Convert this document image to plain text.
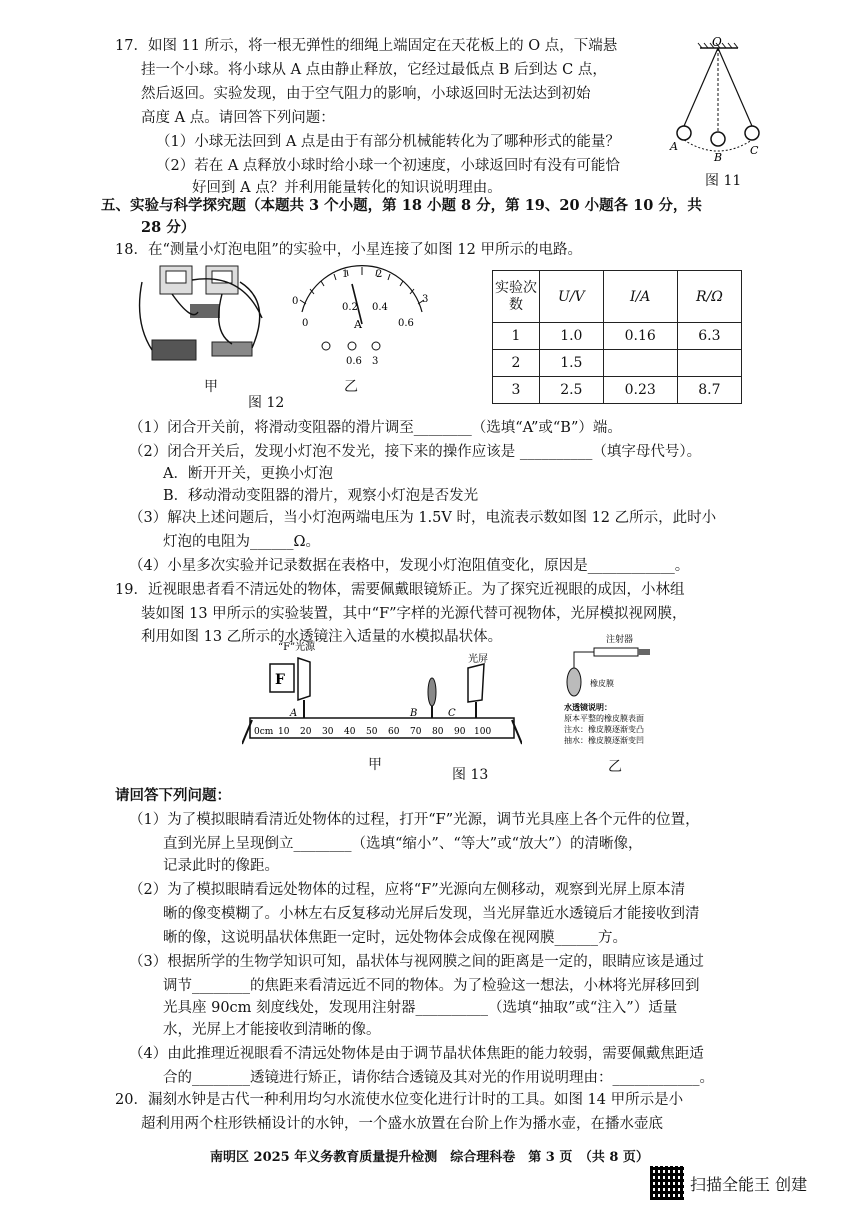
17．如图 11 所示，将一根无弹性的细绳上端固定在天花板上的 O 点，下端悬
挂一个小球。将小球从 A 点由静止释放，它经过最低点 B 后到达 C 点，
然后返回。实验发现，由于空气阻力的影响，小球返回时无法达到初始
高度 A 点。请回答下列问题：
（1）小球无法回到 A 点是由于有部分机械能转化为了哪种形式的能量？
（2）若在 A 点释放小球时给小球一个初速度，小球返回时有没有可能恰
好回到 A 点？并利用能量转化的知识说明理由。
O
A
B
C
图 11
五、实验与科学探究题（本题共 3 个小题，第 18 小题 8 分，第 19、20 小题各 10 分，共
28 分）
18．在“测量小灯泡电阻”的实验中，小星连接了如图 12 甲所示的电路。
甲
图 12
0
1	2
3
0
0.2 0.4
0.6
A
0.6 3
乙
实验次数	U/V	I/A	R/Ω
1	1.0	0.16	6.3
2	1.5		
3	2.5	0.23	8.7
（1）闭合开关前，将滑动变阻器的滑片调至________（选填“A”或“B”）端。
（2）闭合开关后，发现小灯泡不发光，接下来的操作应该是 __________（填字母代号）。
A．断开开关，更换小灯泡
B．移动滑动变阻器的滑片，观察小灯泡是否发光
（3）解决上述问题后，当小灯泡两端电压为 1.5V 时，电流表示数如图 12 乙所示，此时小
灯泡的电阻为______Ω。
（4）小星多次实验并记录数据在表格中，发现小灯泡阻值变化，原因是____________。
19．近视眼患者看不清远处的物体，需要佩戴眼镜矫正。为了探究近视眼的成因，小林组
装如图 13 甲所示的实验装置，其中“F”字样的光源代替可视物体，光屏模拟视网膜，
利用如图 13 乙所示的水透镜注入适量的水模拟晶状体。
“F”光源
F
光屏
0cm 10 20 30 40 50 60 70 80 90 100
A	B	C
甲
图 13
注射器
橡皮膜
水透镜说明：
原本平整的橡皮膜表面
注水：橡皮膜逐渐变凸
抽水：橡皮膜逐渐变凹
乙
请回答下列问题：
（1）为了模拟眼睛看清近处物体的过程，打开“F”光源，调节光具座上各个元件的位置，
直到光屏上呈现倒立________（选填“缩小”、“等大”或“放大”）的清晰像，
记录此时的像距。
（2）为了模拟眼睛看远处物体的过程，应将“F”光源向左侧移动，观察到光屏上原本清
晰的像变模糊了。小林左右反复移动光屏后发现，当光屏靠近水透镜后才能接收到清
晰的像，这说明晶状体焦距一定时，远处物体会成像在视网膜______方。
（3）根据所学的生物学知识可知，晶状体与视网膜之间的距离是一定的，眼睛应该是通过
调节________的焦距来看清远近不同的物体。为了检验这一想法，小林将光屏移回到
光具座 90cm 刻度线处，发现用注射器__________（选填“抽取”或“注入”）适量
水，光屏上才能接收到清晰的像。
（4）由此推理近视眼看不清远处物体是由于调节晶状体焦距的能力较弱，需要佩戴焦距适
合的________透镜进行矫正，请你结合透镜及其对光的作用说明理由：____________。
20．漏刻水钟是古代一种利用均匀水流使水位变化进行计时的工具。如图 14 甲所示是小
超利用两个柱形铁桶设计的水钟，一个盛水放置在台阶上作为播水壶，在播水壶底
南明区 2025 年义务教育质量提升检测　综合理科卷　第 3 页　（共 8 页）
扫描全能王 创建
